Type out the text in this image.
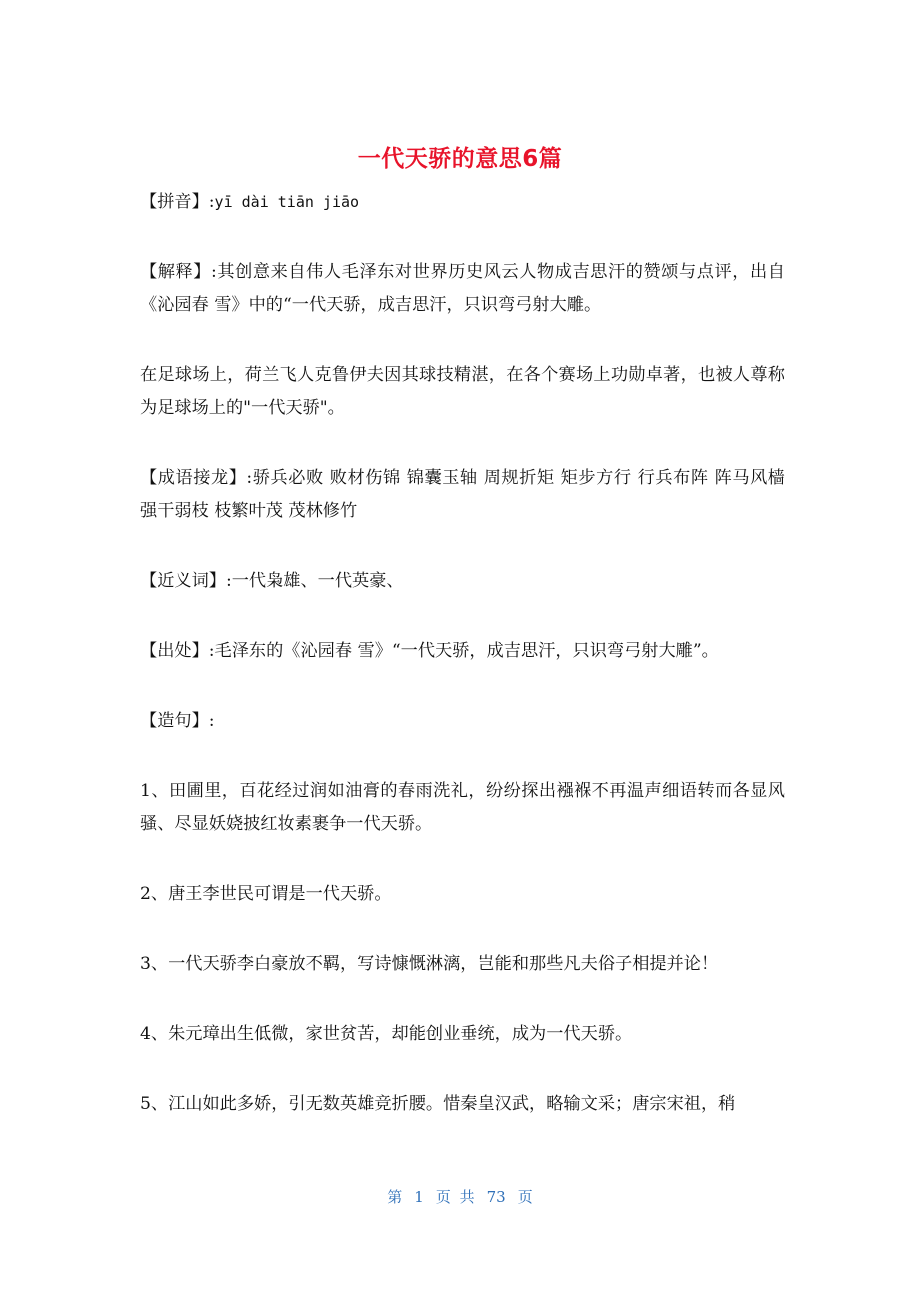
一代天骄的意思6篇

【拼音】:yī dài tiān jiāo

【解释】:其创意来自伟人毛泽东对世界历史风云人物成吉思汗的赞颂与点评，出自《沁园春 雪》中的“一代天骄，成吉思汗，只识弯弓射大雕。

在足球场上，荷兰飞人克鲁伊夫因其球技精湛，在各个赛场上功勋卓著，也被人尊称为足球场上的"一代天骄"。

【成语接龙】:骄兵必败 败材伤锦 锦囊玉轴 周规折矩 矩步方行 行兵布阵 阵马风樯 强干弱枝 枝繁叶茂 茂林修竹

【近义词】:一代枭雄、一代英豪、

【出处】:毛泽东的《沁园春 雪》“一代天骄，成吉思汗，只识弯弓射大雕”。

【造句】:

1、田圃里，百花经过润如油膏的春雨洗礼，纷纷探出襁褓不再温声细语转而各显风骚、尽显妖娆披红妆素裹争一代天骄。

2、唐王李世民可谓是一代天骄。

3、一代天骄李白豪放不羁，写诗慷慨淋漓，岂能和那些凡夫俗子相提并论！

4、朱元璋出生低微，家世贫苦，却能创业垂统，成为一代天骄。

5、江山如此多娇，引无数英雄竞折腰。惜秦皇汉武，略输文采；唐宗宋祖，稍

第 1 页 共 73 页
